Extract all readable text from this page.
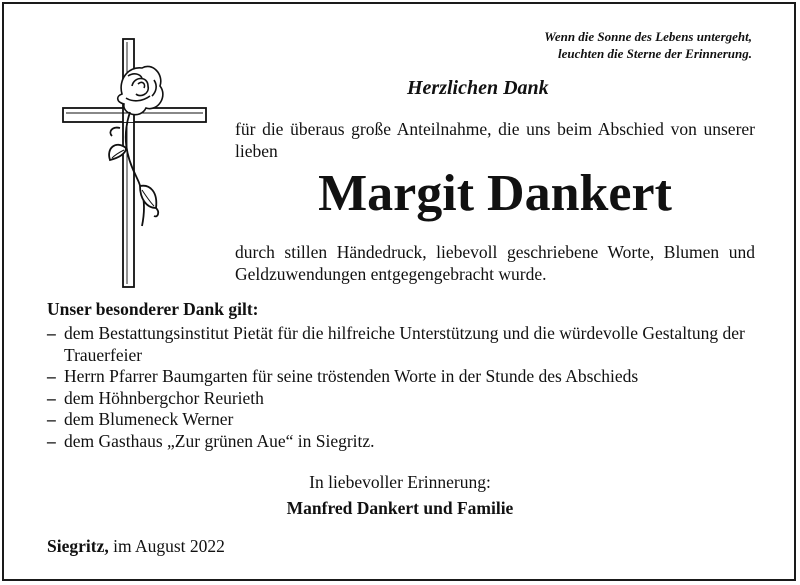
Wenn die Sonne des Lebens untergeht,
leuchten die Sterne der Erinnerung.
Herzlichen Dank
für die überaus große Anteilnahme, die uns beim Abschied von unserer lieben
Margit Dankert
durch stillen Händedruck, liebevoll geschriebene Worte, Blumen und Geldzuwendungen entgegengebracht wurde.
Unser besonderer Dank gilt:
– dem Bestattungsinstitut Pietät für die hilfreiche Unterstützung und die würdevolle Gestaltung der Trauerfeier
– Herrn Pfarrer Baumgarten für seine tröstenden Worte in der Stunde des Abschieds
– dem Höhnbergchor Reurieth
– dem Blumeneck Werner
– dem Gasthaus „Zur grünen Aue“ in Siegritz.
In liebevoller Erinnerung:
Manfred Dankert und Familie
Siegritz, im August 2022
